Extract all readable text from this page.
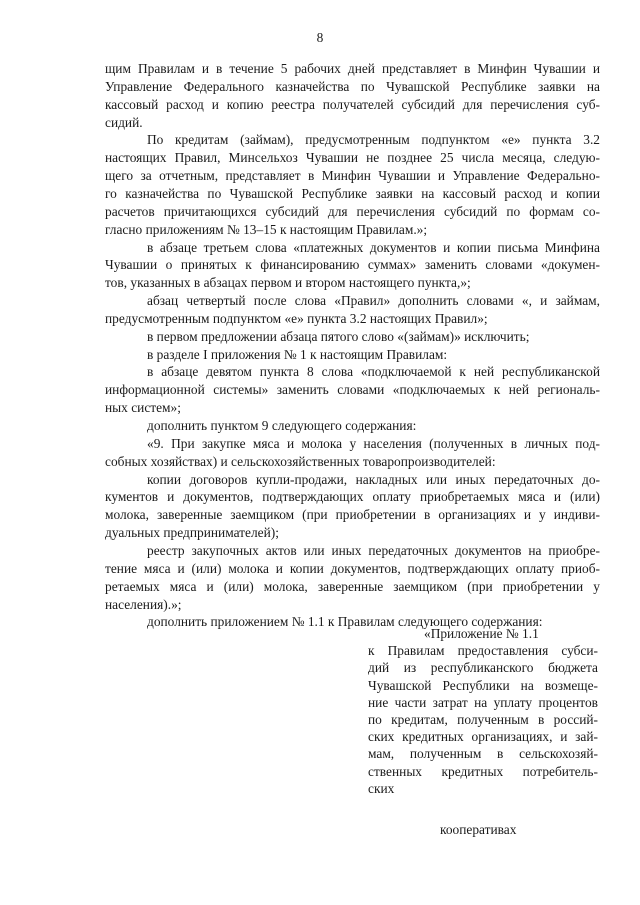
8
щим Правилам и в течение 5 рабочих дней представляет в Минфин Чувашии и
Управление Федерального казначейства по Чувашской Республике заявки на
кассовый расход и копию реестра получателей субсидий для перечисления суб-
сидий.
По кредитам (займам), предусмотренным подпунктом «е» пункта 3.2
настоящих Правил, Минсельхоз Чувашии не позднее 25 числа месяца, следую-
щего за отчетным, представляет в Минфин Чувашии и Управление Федерально-
го казначейства по Чувашской Республике заявки на кассовый расход и копии
расчетов причитающихся субсидий для перечисления субсидий по формам со-
гласно приложениям № 13–15 к настоящим Правилам.»;
в абзаце третьем слова «платежных документов и копии письма Минфина
Чувашии о принятых к финансированию суммах» заменить словами «докумен-
тов, указанных в абзацах первом и втором настоящего пункта,»;
абзац четвертый после слова «Правил» дополнить словами «, и займам,
предусмотренным подпунктом «е» пункта 3.2 настоящих Правил»;
в первом предложении абзаца пятого слово «(займам)» исключить;
в разделе I приложения № 1 к настоящим Правилам:
в абзаце девятом пункта 8 слова «подключаемой к ней республиканской
информационной системы» заменить словами «подключаемых к ней региональ-
ных систем»;
дополнить пунктом 9 следующего содержания:
«9. При закупке мяса и молока у населения (полученных в личных под-
собных хозяйствах) и сельскохозяйственных товаропроизводителей:
копии договоров купли-продажи, накладных или иных передаточных до-
кументов и документов, подтверждающих оплату приобретаемых мяса и (или)
молока, заверенные заемщиком (при приобретении в организациях и у индиви-
дуальных предпринимателей);
реестр закупочных актов или иных передаточных документов на приобре-
тение мяса и (или) молока и копии документов, подтверждающих оплату приоб-
ретаемых мяса и (или) молока, заверенные заемщиком (при приобретении у
населения).»;
дополнить приложением № 1.1 к Правилам следующего содержания:
«Приложение № 1.1
к Правилам предоставления субси-
дий из республиканского бюджета
Чувашской Республики на возмеще-
ние части затрат на уплату процентов
по кредитам, полученным в россий-
ских кредитных организациях, и зай-
мам, полученным в сельскохозяй-
ственных кредитных потребитель-
ских
кооперативах
